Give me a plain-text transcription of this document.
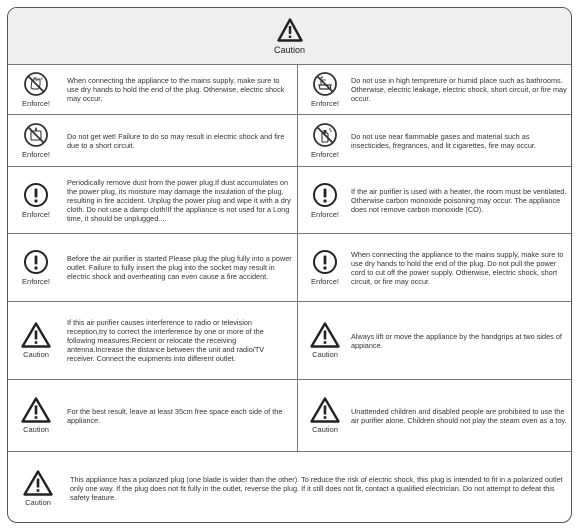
Caution
Enforce!
When connecting the appliance to the mains supply, make sure to use dry hands to hold the end of the plug. Otherwise, electric shock may occur.
Enforce!
Do not use in high tempreture or humid place such as bathrooms. Otherwise, electric leakage, electric shock, short circuit, or fire may occur.
Enforce!
Do not get wet! Failure to do so may result in electric shock and fire due to a short circuit.
Enforce!
Do not use near flammable gases and material such as insecticides, fregrances, and lit cigarettes, fire may occur.
Enforce!
Periodically remove dust from the power plug.If dust accumulates on the power plug, its moisture may damage the insulation of the plug, resulting in fire accident. Unplug the power plug and wipe it with a dry cloth. Do not use a damp cloth!If the appliance is not used for a Long time, it should be unplugged....	Enforce!
If the air purifier is used with a heater, the room must be ventilated. Otherwise carbon monoxide poisoning may occur. The appliance does not remove carbon monoxide (CO).
Enforce!
Before the air purifier is started Please plug the plug fully into a power outlet. Failure to fully insert the plug into the socket may result in electric shock and overheating can even cause a fire accident.
Enforce!
When connecting the appliance to the mains supply, make sure to use dry hands to hold the end of the plug. Do not pull the power cord to cut off the power supply. Otherwise, electric shock, short circuit, or fire may occur.
Caution
If this air purifier causes interference to radio or television reception,try to correct the interference by one or more of the following measures:Recient or relocate the receiving antenna.Increase the distance between the unit and radio/TV receiver. Connect the euipments into different outlet.	Caution
Always lift or move the appliance by the handgrips at two sides of appiance.
Caution
For the best result, leave at least 35cm free space each side of the appliance.
Caution
Unattended children and disabled people are prohibited to use the air purifier alone. Children should not play the steam oven as a toy.
Caution
This appliance has a polarized plug (one blade is wider than the other). To reduce the risk of electric shock, this plug is intended to fit in a polarized outlet only one way. If the plug does not fit fully in the outlet, reverse the plug. If it still does not fit, contact a qualified electrician. Do not attempt to defeat this safety feature.
